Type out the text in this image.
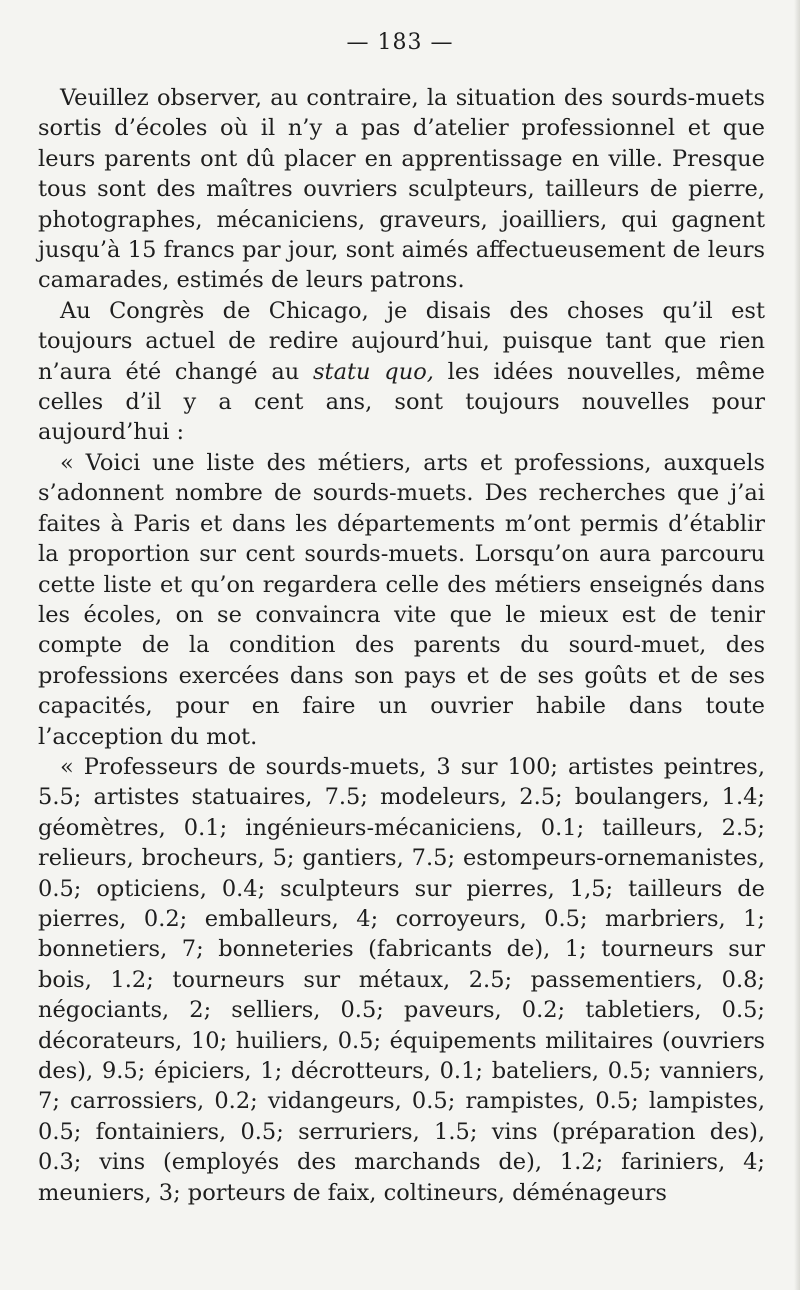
— 183 —

Veuillez observer, au contraire, la situation des sourds-muets sortis d’écoles où il n’y a pas d’atelier professionnel et que leurs parents ont dû placer en apprentissage en ville. Presque tous sont des maîtres ouvriers sculpteurs, tailleurs de pierre, photographes, mécaniciens, graveurs, joailliers, qui gagnent jusqu’à 15 francs par jour, sont aimés affectueusement de leurs camarades, estimés de leurs patrons.

Au Congrès de Chicago, je disais des choses qu’il est toujours actuel de redire aujourd’hui, puisque tant que rien n’aura été changé au statu quo, les idées nouvelles, même celles d’il y a cent ans, sont toujours nouvelles pour aujourd’hui :

« Voici une liste des métiers, arts et professions, auxquels s’adonnent nombre de sourds-muets. Des recherches que j’ai faites à Paris et dans les départements m’ont permis d’établir la proportion sur cent sourds-muets. Lorsqu’on aura parcouru cette liste et qu’on regardera celle des métiers enseignés dans les écoles, on se convaincra vite que le mieux est de tenir compte de la condition des parents du sourd-muet, des professions exercées dans son pays et de ses goûts et de ses capacités, pour en faire un ouvrier habile dans toute l’acception du mot.

« Professeurs de sourds-muets, 3 sur 100; artistes peintres, 5.5; artistes statuaires, 7.5; modeleurs, 2.5; boulangers, 1.4; géomètres, 0.1; ingénieurs-mécaniciens, 0.1; tailleurs, 2.5; relieurs, brocheurs, 5; gantiers, 7.5; estompeurs-ornemanistes, 0.5; opticiens, 0.4; sculpteurs sur pierres, 1,5; tailleurs de pierres, 0.2; emballeurs, 4; corroyeurs, 0.5; marbriers, 1; bonnetiers, 7; bonneteries (fabricants de), 1; tourneurs sur bois, 1.2; tourneurs sur métaux, 2.5; passementiers, 0.8; négociants, 2; selliers, 0.5; paveurs, 0.2; tabletiers, 0.5; décorateurs, 10; huiliers, 0.5; équipements militaires (ouvriers des), 9.5; épiciers, 1; décrotteurs, 0.1; bateliers, 0.5; vanniers, 7; carrossiers, 0.2; vidangeurs, 0.5; rampistes, 0.5; lampistes, 0.5; fontainiers, 0.5; serruriers, 1.5; vins (préparation des), 0.3; vins (employés des marchands de), 1.2; fariniers, 4; meuniers, 3; porteurs de faix, coltineurs, déménageurs
